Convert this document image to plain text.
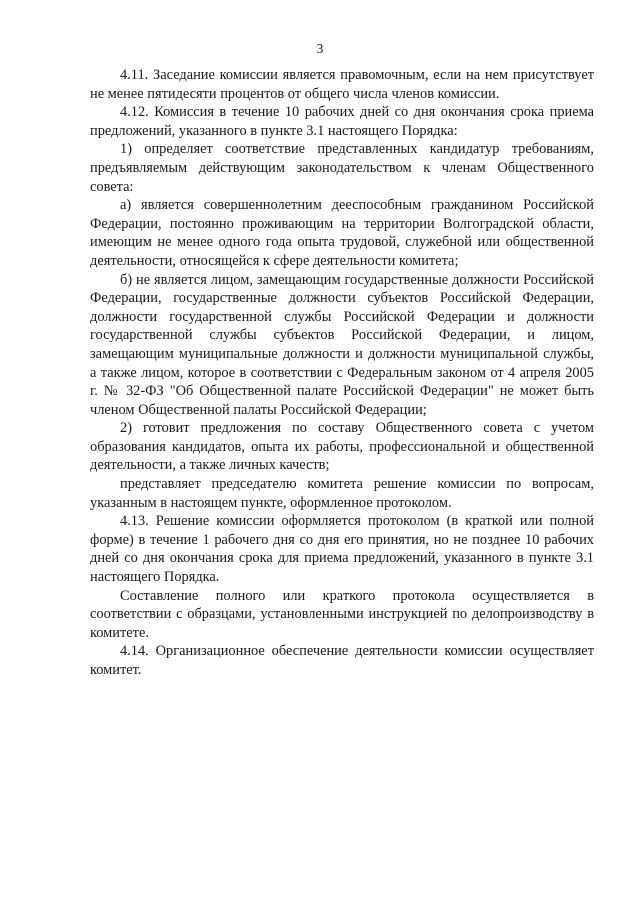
3

4.11. Заседание комиссии является правомочным, если на нем присутствует не менее пятидесяти процентов от общего числа членов комиссии.

4.12. Комиссия в течение 10 рабочих дней со дня окончания срока приема предложений, указанного в пункте 3.1 настоящего Порядка:

1) определяет соответствие представленных кандидатур требованиям, предъявляемым действующим законодательством к членам Общественного совета:

а) является совершеннолетним дееспособным гражданином Российской Федерации, постоянно проживающим на территории Волгоградской области, имеющим не менее одного года опыта трудовой, служебной или общественной деятельности, относящейся к сфере деятельности комитета;

б) не является лицом, замещающим государственные должности Российской Федерации, государственные должности субъектов Российской Федерации, должности государственной службы Российской Федерации и должности государственной службы субъектов Российской Федерации, и лицом, замещающим муниципальные должности и должности муниципальной службы, а также лицом, которое в соответствии с Федеральным законом от 4 апреля 2005 г. № 32-ФЗ "Об Общественной палате Российской Федерации" не может быть членом Общественной палаты Российской Федерации;

2) готовит предложения по составу Общественного совета с учетом образования кандидатов, опыта их работы, профессиональной и общественной деятельности, а также личных качеств;

представляет председателю комитета решение комиссии по вопросам, указанным в настоящем пункте, оформленное протоколом.

4.13. Решение комиссии оформляется протоколом (в краткой или полной форме) в течение 1 рабочего дня со дня его принятия, но не позднее 10 рабочих дней со дня окончания срока для приема предложений, указанного в пункте 3.1 настоящего Порядка.

Составление полного или краткого протокола осуществляется в соответствии с образцами, установленными инструкцией по делопроизводству в комитете.

4.14. Организационное обеспечение деятельности комиссии осуществляет комитет.
